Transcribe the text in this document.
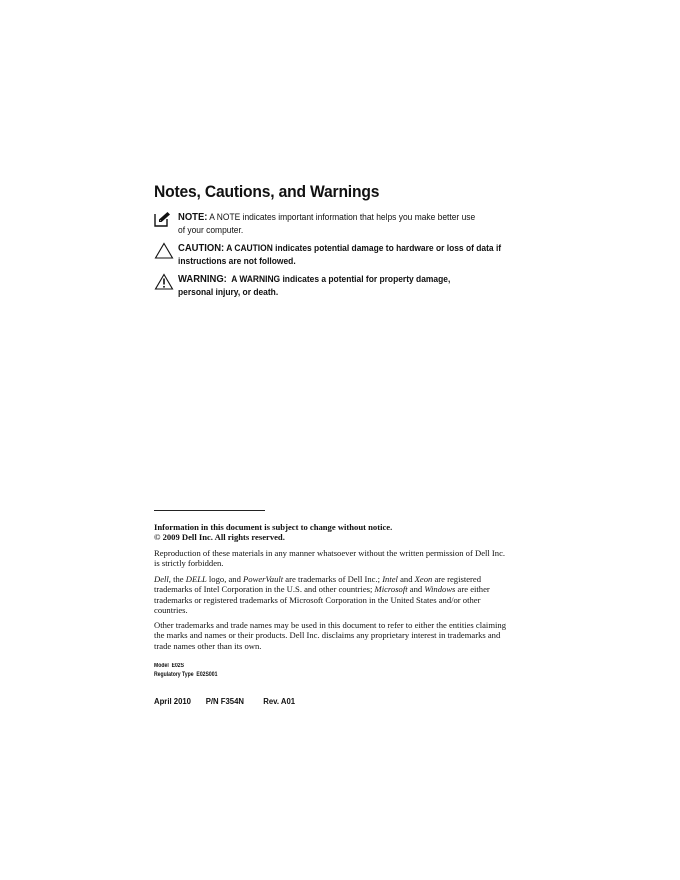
Notes, Cautions, and Warnings
NOTE: A NOTE indicates important information that helps you make better use
of your computer.
CAUTION: A CAUTION indicates potential damage to hardware or loss of data if
instructions are not followed.
WARNING:  A WARNING indicates a potential for property damage,
personal injury, or death.
Information in this document is subject to change without notice.
© 2009 Dell Inc. All rights reserved.
Reproduction of these materials in any manner whatsoever without the written permission of Dell Inc.
is strictly forbidden.
Dell, the DELL logo, and PowerVault are trademarks of Dell Inc.; Intel and Xeon are registered
trademarks of Intel Corporation in the U.S. and other countries; Microsoft and Windows are either
trademarks or registered trademarks of Microsoft Corporation in the United States and/or other
countries.
Other trademarks and trade names may be used in this document to refer to either the entities claiming
the marks and names or their products. Dell Inc. disclaims any proprietary interest in trademarks and
trade names other than its own.
Model  E02S
Regulatory Type  E02S001
April 2010 P/N F354N Rev. A01
